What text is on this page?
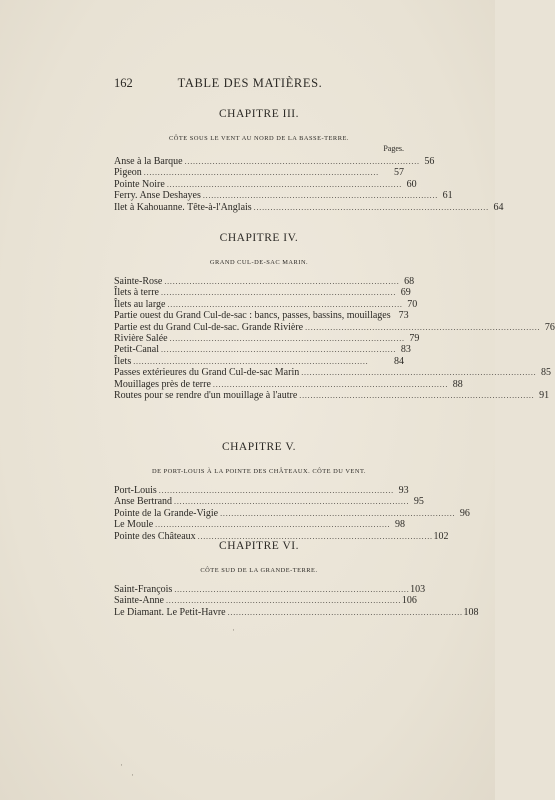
162	TABLE DES MATIÈRES.
CHAPITRE III.
CÔTE SOUS LE VENT AU NORD DE LA BASSE-TERRE.
Pages.
Anse à la Barque . . .	56
Pigeon . . .	57
Pointe Noire . . .	60
Ferry. Anse Deshayes . . .	61
Ilet à Kahouanne. Tête-à-l'Anglais . . .	64
CHAPITRE IV.
GRAND CUL-DE-SAC MARIN.
Sainte-Rose . . .	68
Îlets à terre . . .	69
Îlets au large . . .	70
Partie ouest du Grand Cul-de-sac : bancs, passes, bassins, mouillages 73
Partie est du Grand Cul-de-sac. Grande Rivière . . .	76
Rivière Salée . . .	79
Petit-Canal . . .	83
Îlets . . .	84
Passes extérieures du Grand Cul-de-sac Marin . . .	85
Mouillages près de terre . . .	88
Routes pour se rendre d'un mouillage à l'autre . . .	91
CHAPITRE V.
DE PORT-LOUIS À LA POINTE DES CHÂTEAUX. CÔTE DU VENT.
Port-Louis . . .	93
Anse Bertrand . . .	95
Pointe de la Grande-Vigie . . .	96
Le Moule . . .	98
Pointe des Châteaux . . .	102
CHAPITRE VI.
CÔTE SUD DE LA GRANDE-TERRE.
Saint-François . . .	103
Sainte-Anne . . .	106
Le Diamant. Le Petit-Havre . . .	108
·
·
·
